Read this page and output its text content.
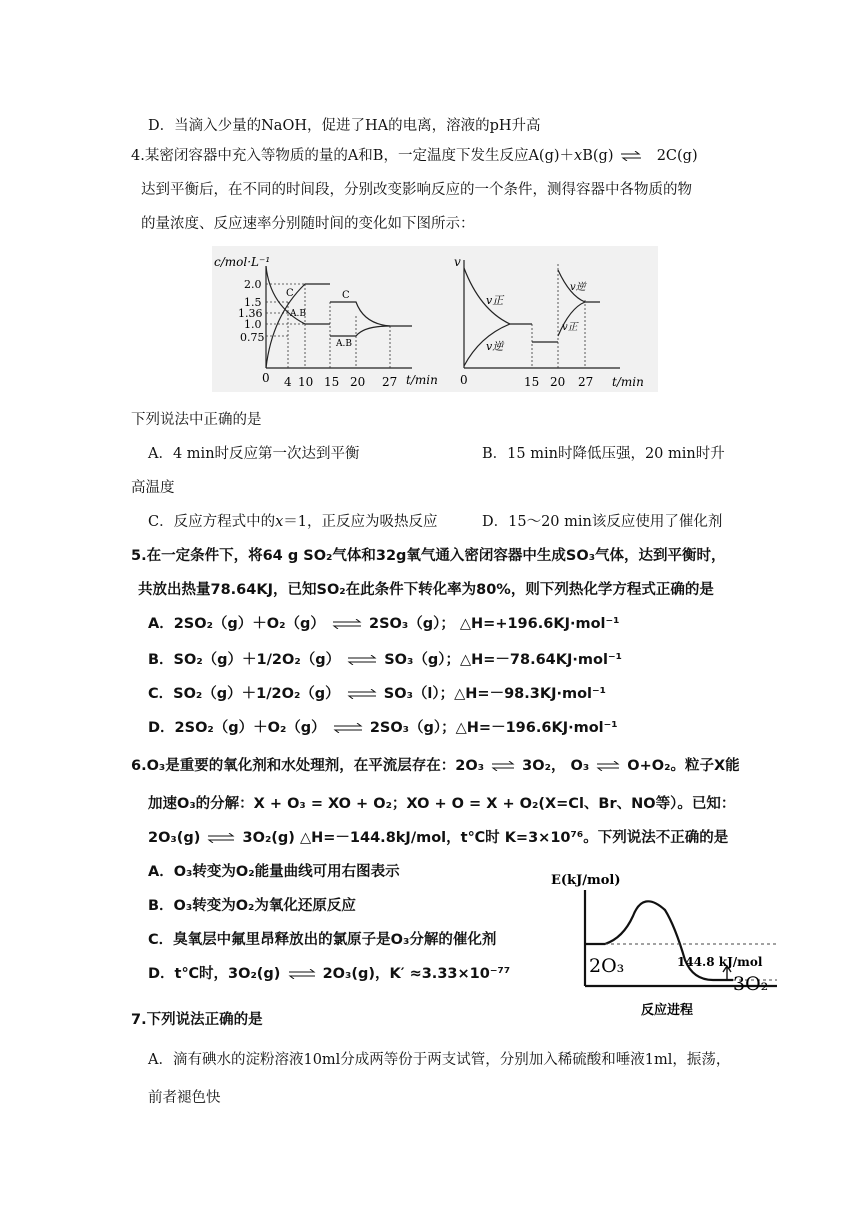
D．当滴入少量的NaOH，促进了HA的电离，溶液的pH升高
4.某密闭容器中充入等物质的量的A和B，一定温度下发生反应A(g)＋xB(g) ⇌ 2C(g)
达到平衡后，在不同的时间段，分别改变影响反应的一个条件，测得容器中各物质的物
的量浓度、反应速率分别随时间的变化如下图所示：
c/mol·L⁻¹
2.0
1.5
1.36
1.0
0.75
C
A.B
C
A.B
0 4 10 15 20 27 t/min
v
v正
v逆
v逆
v正
0	15 20 27 t/min
下列说法中正确的是
A．4 min时反应第一次达到平衡	B．15 min时降低压强，20 min时升
高温度
C．反应方程式中的x＝1，正反应为吸热反应	D．15～20 min该反应使用了催化剂
5.在一定条件下，将64 g SO₂气体和32g氧气通入密闭容器中生成SO₃气体，达到平衡时，
共放出热量78.64KJ，已知SO₂在此条件下转化率为80%，则下列热化学方程式正确的是
A．2SO₂（g）＋O₂（g） ⇌ 2SO₃（g）； △H=+196.6KJ·mol⁻¹
B．SO₂（g）＋1/2O₂（g） ⇌ SO₃（g）；△H=－78.64KJ·mol⁻¹
C．SO₂（g）＋1/2O₂（g） ⇌ SO₃（l）；△H=－98.3KJ·mol⁻¹
D．2SO₂（g）＋O₂（g） ⇌ 2SO₃（g）；△H=－196.6KJ·mol⁻¹
6.O₃是重要的氧化剂和水处理剂，在平流层存在：2O₃ ⇌ 3O₂， O₃ ⇌ O+O₂。粒子X能
加速O₃的分解：X + O₃ = XO + O₂；XO + O = X + O₂(X=Cl、Br、NO等）。已知：
2O₃(g) ⇌ 3O₂(g) △H=－144.8kJ/mol，t℃时 K=3×10⁷⁶。下列说法不正确的是
A．O₃转变为O₂能量曲线可用右图表示
B．O₃转变为O₂为氧化还原反应
C．臭氧层中氟里昂释放出的氯原子是O₃分解的催化剂
D．t℃时，3O₂(g) ⇌ 2O₃(g)，K′ ≈3.33×10⁻⁷⁷
E(kJ/mol)
2O₃	144.8 kJ/mol
3O₂
反应进程
7.下列说法正确的是
A．滴有碘水的淀粉溶液10ml分成两等份于两支试管，分别加入稀硫酸和唾液1ml，振荡，
前者褪色快
